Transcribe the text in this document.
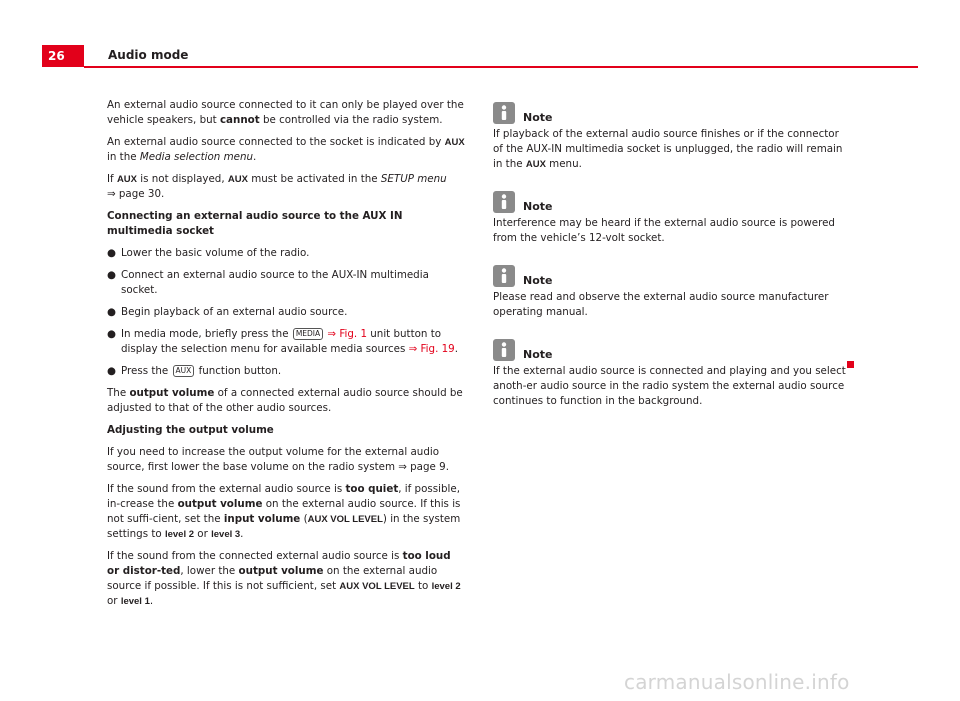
26	Audio mode

An external audio source connected to it can only be played over the vehicle speakers, but cannot be controlled via the radio system.

An external audio source connected to the socket is indicated by AUX in the Media selection menu.

If AUX is not displayed, AUX must be activated in the SETUP menu
⇒ page 30.

Connecting an external audio source to the AUX IN multimedia socket

● Lower the basic volume of the radio.
● Connect an external audio source to the AUX-IN multimedia socket.
● Begin playback of an external audio source.
● In media mode, briefly press the MEDIA ⇒ Fig. 1 unit button to display the selection menu for available media sources ⇒ Fig. 19.
● Press the AUX function button.

The output volume of a connected external audio source should be adjusted to that of the other audio sources.

Adjusting the output volume

If you need to increase the output volume for the external audio source, first lower the base volume on the radio system ⇒ page 9.

If the sound from the external audio source is too quiet, if possible, in-crease the output volume on the external audio source. If this is not suffi-cient, set the input volume (AUX VOL LEVEL) in the system settings to level 2 or level 3.

If the sound from the connected external audio source is too loud or distor-ted, lower the output volume on the external audio source if possible. If this is not sufficient, set AUX VOL LEVEL to level 2 or level 1.

Note

If playback of the external audio source finishes or if the connector of the AUX-IN multimedia socket is unplugged, the radio will remain in the AUX menu.

Note

Interference may be heard if the external audio source is powered from the vehicle’s 12-volt socket.

Note

Please read and observe the external audio source manufacturer operating manual.

Note

If the external audio source is connected and playing and you select anoth-er audio source in the radio system the external audio source continues to function in the background.

carmanualsonline.info
